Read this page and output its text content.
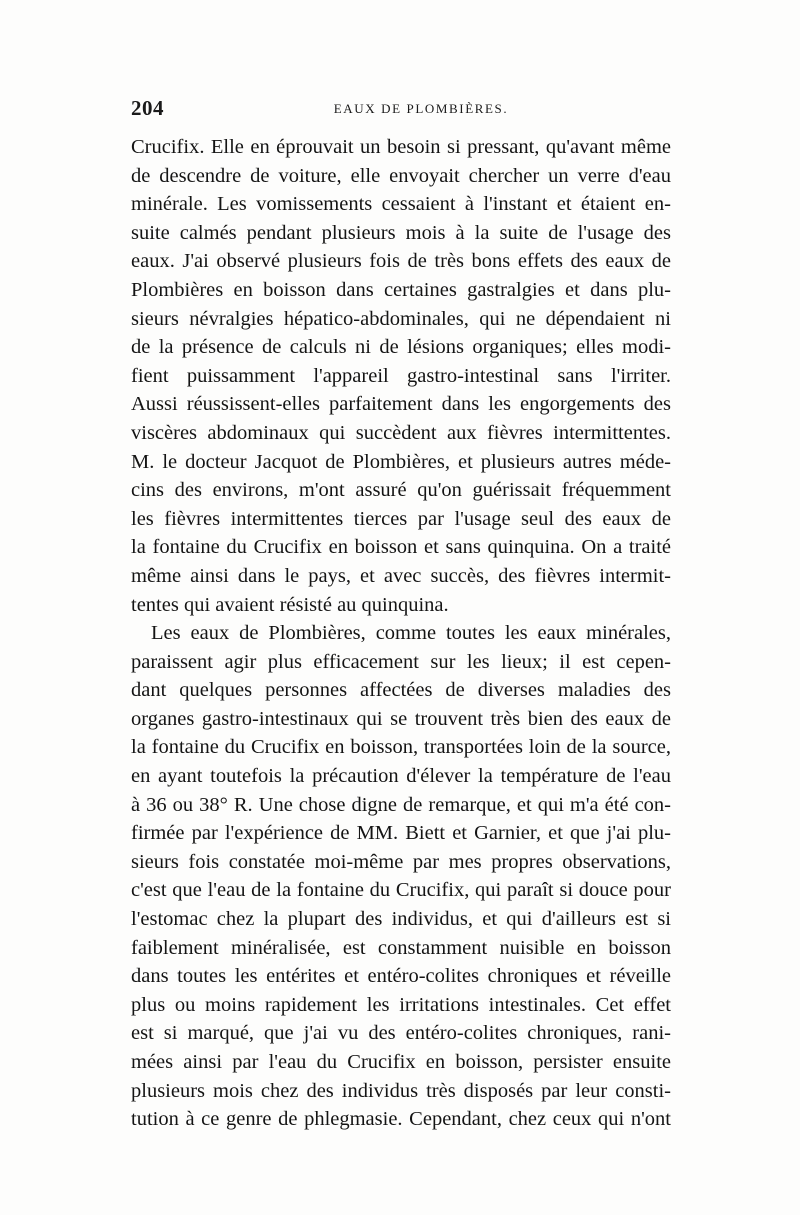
204	EAUX DE PLOMBIÈRES.
Crucifix. Elle en éprouvait un besoin si pressant, qu'avant même
de descendre de voiture, elle envoyait chercher un verre d'eau
minérale. Les vomissements cessaient à l'instant et étaient en-
suite calmés pendant plusieurs mois à la suite de l'usage des
eaux. J'ai observé plusieurs fois de très bons effets des eaux de
Plombières en boisson dans certaines gastralgies et dans plu-
sieurs névralgies hépatico-abdominales, qui ne dépendaient ni
de la présence de calculs ni de lésions organiques; elles modi-
fient puissamment l'appareil gastro-intestinal sans l'irriter.
Aussi réussissent-elles parfaitement dans les engorgements des
viscères abdominaux qui succèdent aux fièvres intermittentes.
M. le docteur Jacquot de Plombières, et plusieurs autres méde-
cins des environs, m'ont assuré qu'on guérissait fréquemment
les fièvres intermittentes tierces par l'usage seul des eaux de
la fontaine du Crucifix en boisson et sans quinquina. On a traité
même ainsi dans le pays, et avec succès, des fièvres intermit-
tentes qui avaient résisté au quinquina.
Les eaux de Plombières, comme toutes les eaux minérales,
paraissent agir plus efficacement sur les lieux; il est cepen-
dant quelques personnes affectées de diverses maladies des
organes gastro-intestinaux qui se trouvent très bien des eaux de
la fontaine du Crucifix en boisson, transportées loin de la source,
en ayant toutefois la précaution d'élever la température de l'eau
à 36 ou 38° R. Une chose digne de remarque, et qui m'a été con-
firmée par l'expérience de MM. Biett et Garnier, et que j'ai plu-
sieurs fois constatée moi-même par mes propres observations,
c'est que l'eau de la fontaine du Crucifix, qui paraît si douce pour
l'estomac chez la plupart des individus, et qui d'ailleurs est si
faiblement minéralisée, est constamment nuisible en boisson
dans toutes les entérites et entéro-colites chroniques et réveille
plus ou moins rapidement les irritations intestinales. Cet effet
est si marqué, que j'ai vu des entéro-colites chroniques, rani-
mées ainsi par l'eau du Crucifix en boisson, persister ensuite
plusieurs mois chez des individus très disposés par leur consti-
tution à ce genre de phlegmasie. Cependant, chez ceux qui n'ont
